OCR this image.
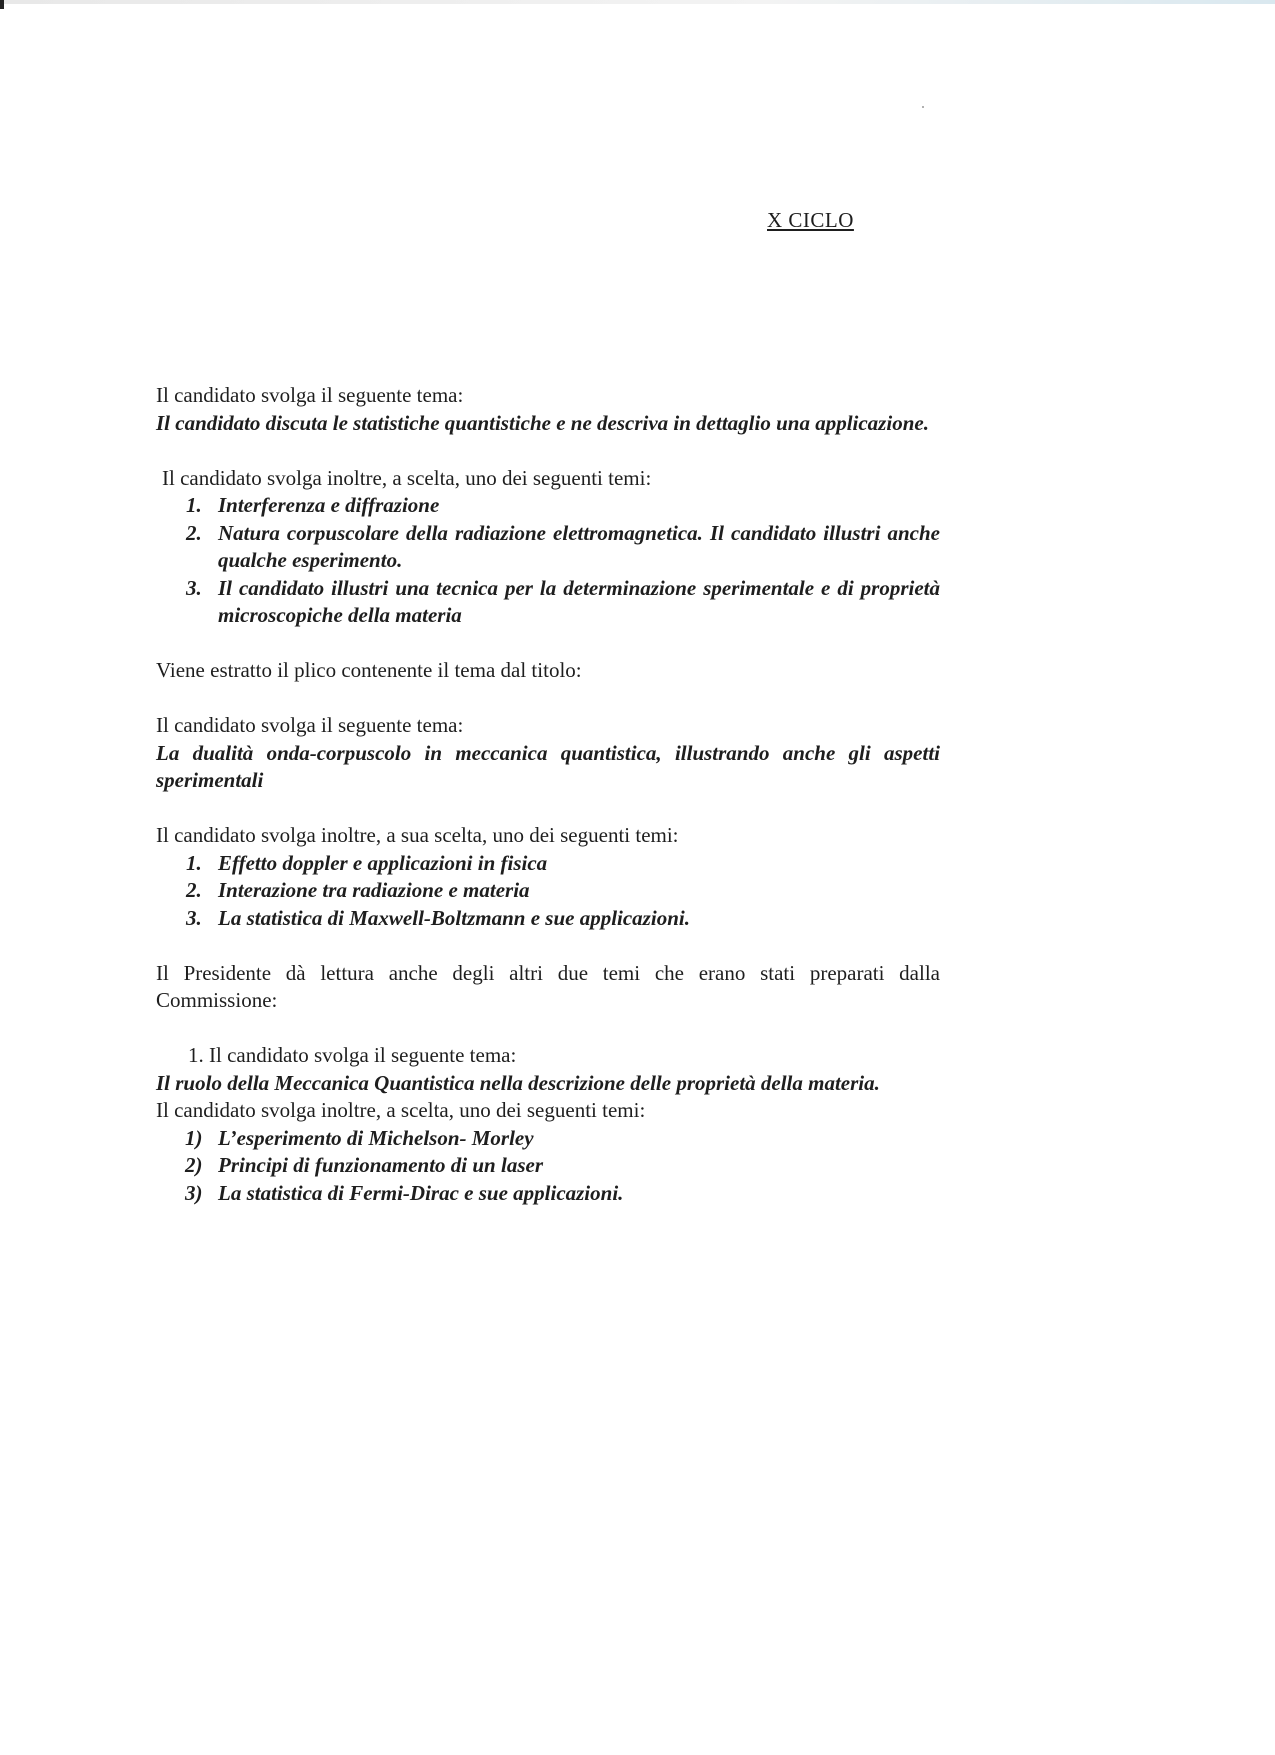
X CICLO

Il candidato svolga il seguente tema:

Il candidato discuta le statistiche quantistiche e ne descriva in dettaglio una applicazione.

Il candidato svolga inoltre, a scelta, uno dei seguenti temi:

1. Interferenza e diffrazione
2. Natura corpuscolare della radiazione elettromagnetica. Il candidato illustri anche qualche esperimento.
3. Il candidato illustri una tecnica per la determinazione sperimentale e di proprietà microscopiche della materia

Viene estratto il plico contenente il tema dal titolo:

Il candidato svolga il seguente tema:

La dualità onda-corpuscolo in meccanica quantistica, illustrando anche gli aspetti sperimentali

Il candidato svolga inoltre, a sua scelta, uno dei seguenti temi:

1. Effetto doppler e applicazioni in fisica
2. Interazione tra radiazione e materia
3. La statistica di Maxwell-Boltzmann e sue applicazioni.

Il Presidente dà lettura anche degli altri due temi che erano stati preparati dalla Commissione:

1. Il candidato svolga il seguente tema:

Il ruolo della Meccanica Quantistica nella descrizione delle proprietà della materia.

Il candidato svolga inoltre, a scelta, uno dei seguenti temi:

1) L’esperimento di Michelson- Morley
2) Principi di funzionamento di un laser
3) La statistica di Fermi-Dirac e sue applicazioni.
